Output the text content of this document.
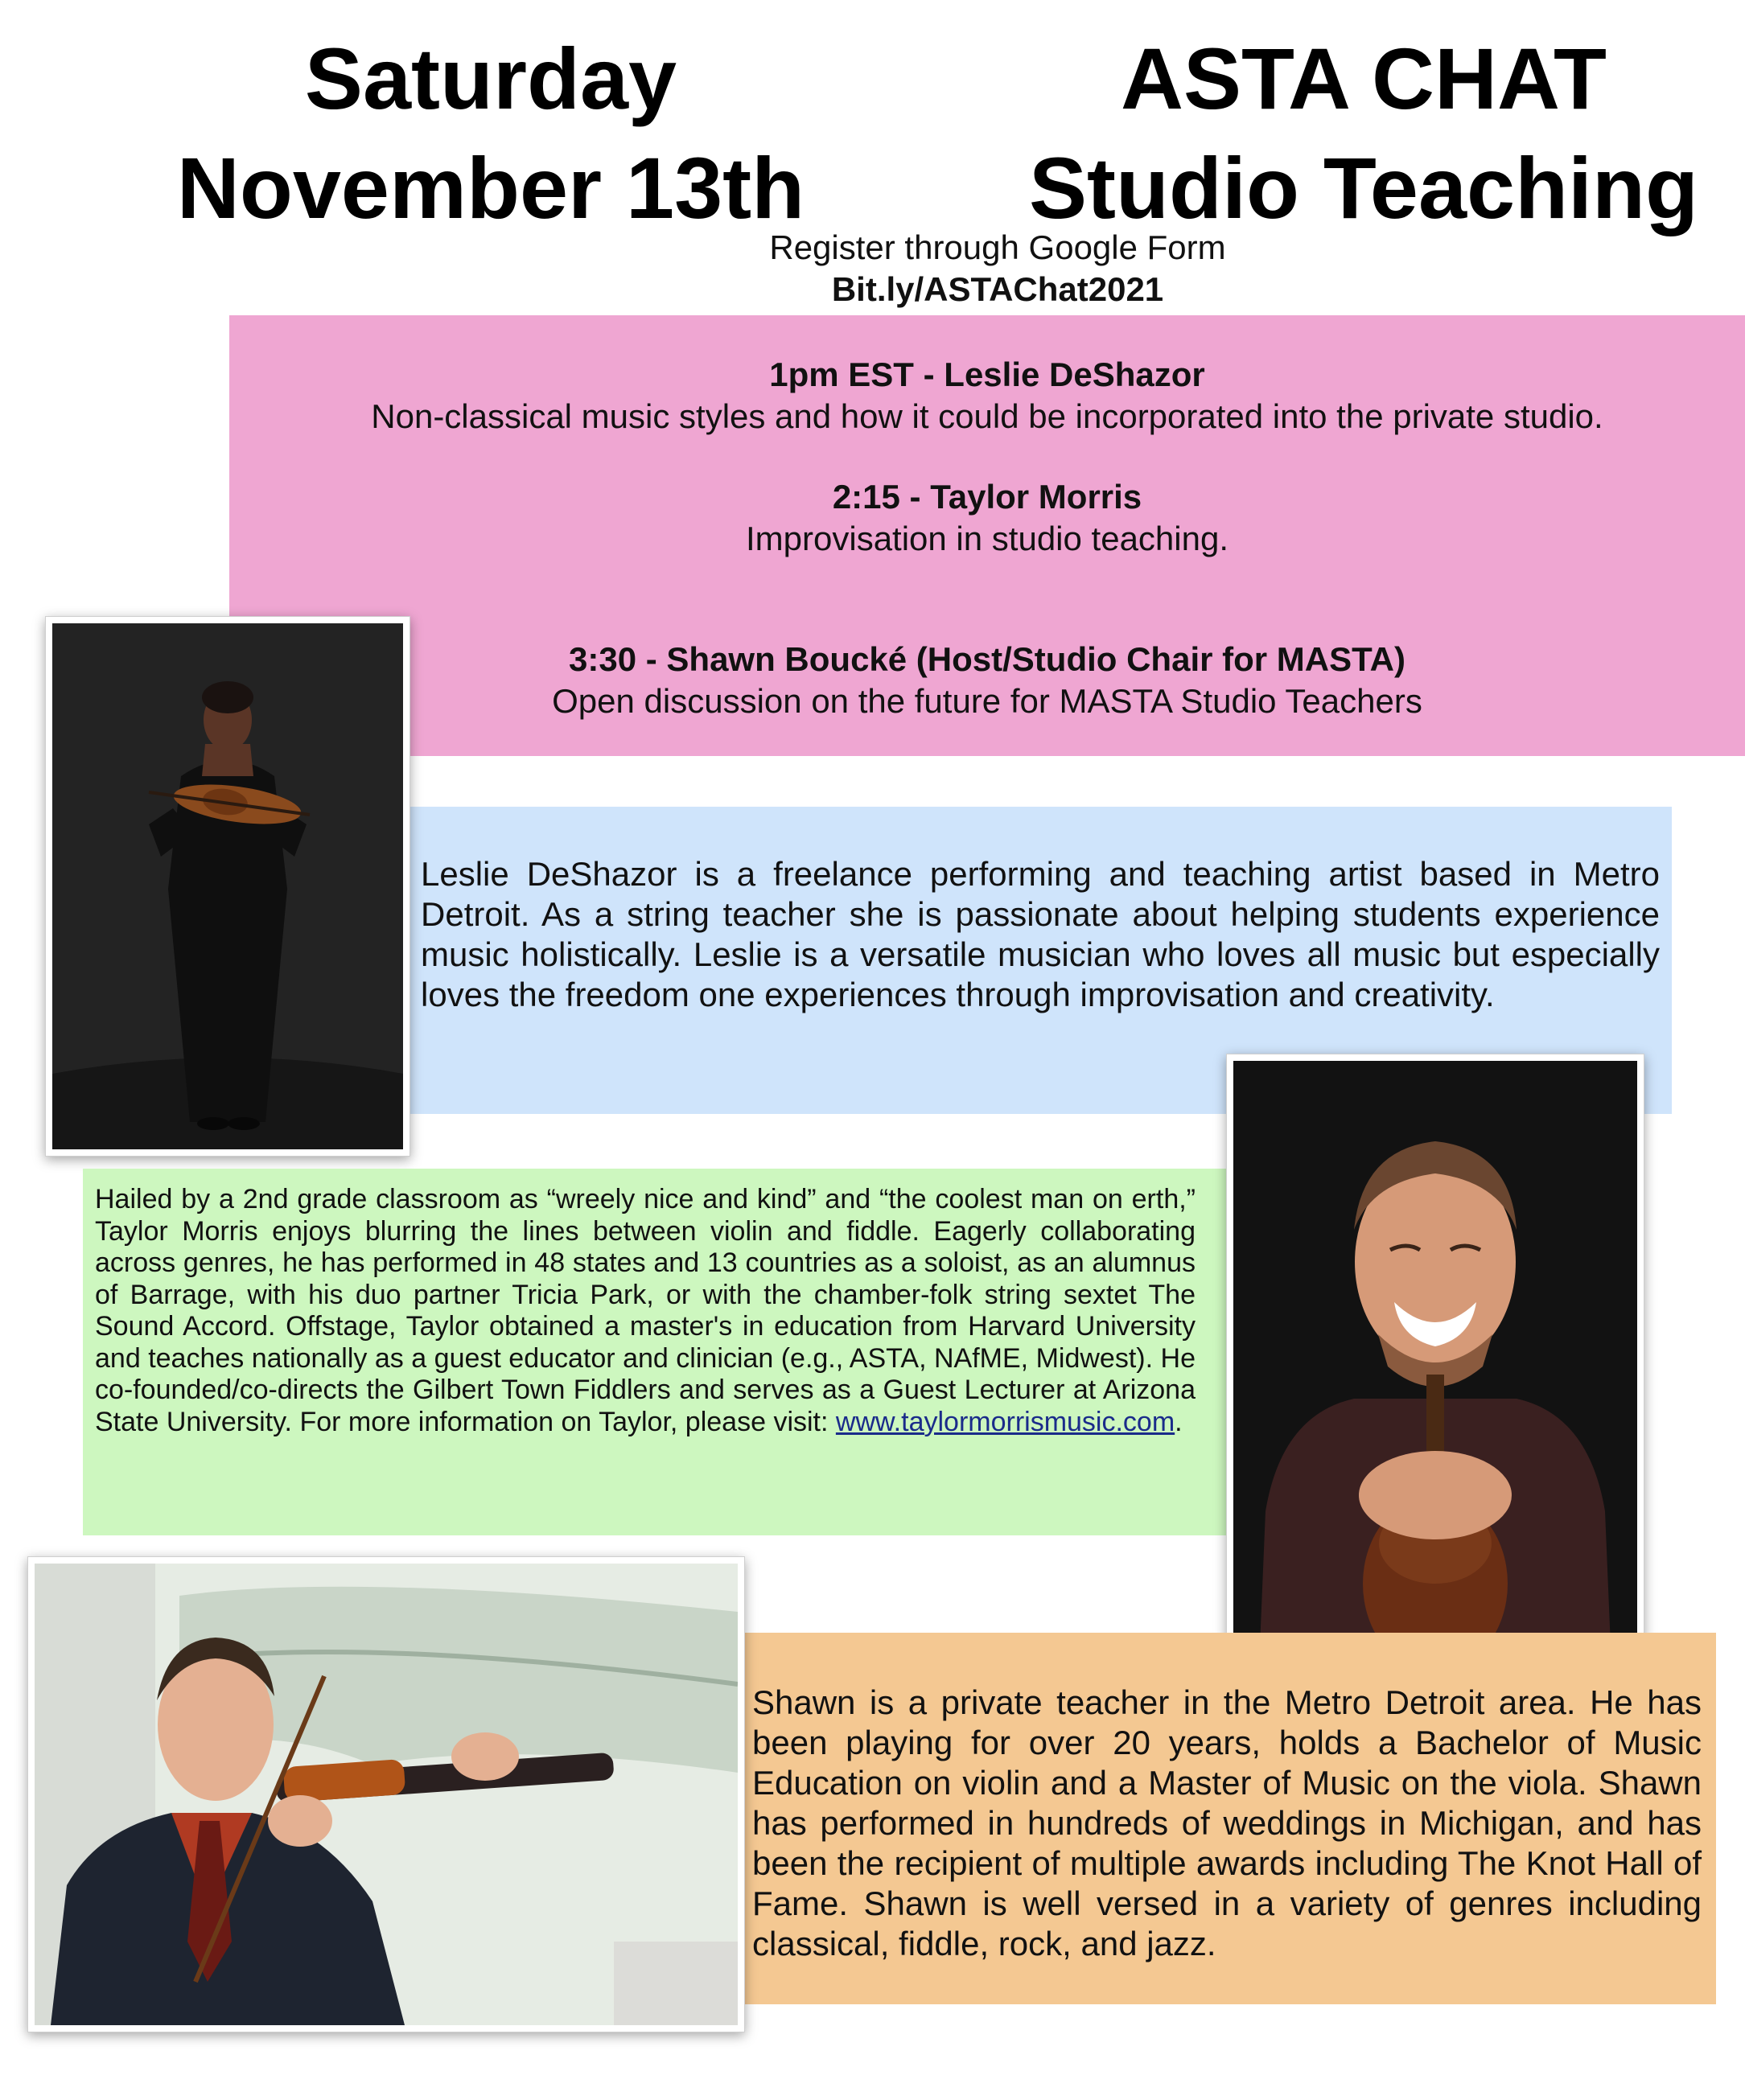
Saturday
November 13th
ASTA CHAT
Studio Teaching
Register through Google Form
Bit.ly/ASTAChat2021
1pm EST - Leslie DeShazor
Non-classical music styles and how it could be incorporated into the private studio.
2:15 - Taylor Morris
Improvisation in studio teaching.
3:30 - Shawn Boucké (Host/Studio Chair for MASTA)
Open discussion on the future for MASTA Studio Teachers
Leslie DeShazor is a freelance performing and teaching artist based in Metro Detroit. As a string teacher she is passionate about helping students experience music holistically. Leslie is a versatile musician who loves all music but especially loves the freedom one experiences through improvisation and creativity.
Hailed by a 2nd grade classroom as “wreely nice and kind” and “the coolest man on erth,” Taylor Morris enjoys blurring the lines between violin and fiddle. Eagerly collaborating across genres, he has performed in 48 states and 13 countries as a soloist, as an alumnus of Barrage, with his duo partner Tricia Park, or with the chamber-folk string sextet The Sound Accord. Offstage, Taylor obtained a master's in education from Harvard University and teaches nationally as a guest educator and clinician (e.g., ASTA, NAfME, Midwest). He co-founded/co-directs the Gilbert Town Fiddlers and serves as a Guest Lecturer at Arizona State University. For more information on Taylor, please visit: www.taylormorrismusic.com.
Shawn is a private teacher in the Metro Detroit area. He has been playing for over 20 years, holds a Bachelor of Music Education on violin and a Master of Music on the viola. Shawn has performed in hundreds of weddings in Michigan, and has been the recipient of multiple awards including The Knot Hall of Fame. Shawn is well versed in a variety of genres including classical, fiddle, rock, and jazz.
